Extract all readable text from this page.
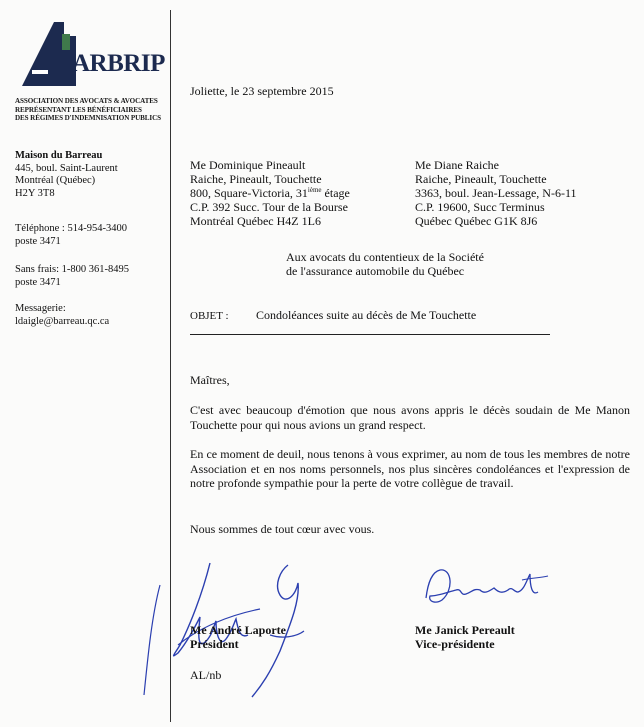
ARBRIP
ASSOCIATION DES AVOCATS & AVOCATES
REPRÉSENTANT LES BÉNÉFICIAIRES
DES RÉGIMES D'INDEMNISATION PUBLICS
Maison du Barreau
445, boul. Saint-Laurent
Montréal (Québec)
H2Y 3T8
Téléphone : 514-954-3400
poste 3471
Sans frais: 1-800 361-8495
poste 3471
Messagerie:
ldaigle@barreau.qc.ca
Joliette, le 23 septembre 2015
Me Dominique Pineault
Raiche, Pineault, Touchette
800, Square-Victoria, 31ième étage
C.P. 392 Succ. Tour de la Bourse
Montréal Québec H4Z 1L6
Me Diane Raiche
Raiche, Pineault, Touchette
3363, boul. Jean-Lessage, N-6-11
C.P. 19600, Succ Terminus
Québec Québec G1K 8J6
Aux avocats du contentieux de la Société
de l'assurance automobile du Québec
OBJET : Condoléances suite au décès de Me Touchette
Maîtres,
C'est avec beaucoup d'émotion que nous avons appris le décès soudain de Me Manon Touchette pour qui nous avions un grand respect.
En ce moment de deuil, nous tenons à vous exprimer, au nom de tous les membres de notre Association et en nos noms personnels, nos plus sincères condoléances et l'expression de notre profonde sympathie pour la perte de votre collègue de travail.
Nous sommes de tout cœur avec vous.
Me André Laporte
Président
Me Janick Pereault
Vice-présidente
AL/nb
